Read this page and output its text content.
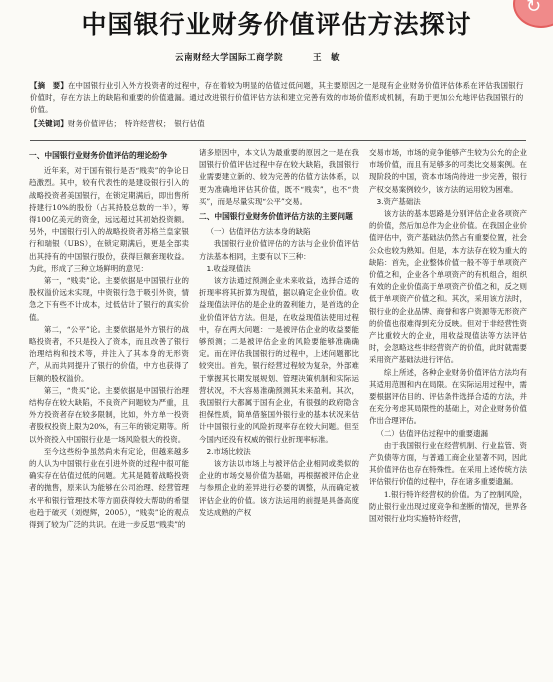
↻
中国银行业财务价值评估方法探讨
云南财经大学国际工商学院	王　敏
【摘　要】在中国银行业引入外方投资者的过程中，存在着较为明显的估值过低问题，其主要原因之一是现有企业财务价值评估体系在评估我国银行价值时，存在方法上的缺陷和重要的价值遗漏。通过改进银行价值评估方法和建立完善有效的市场价值形成机制，有助于更加公允地评估我国银行的价值。
【关键词】财务价值评估；　特许经营权；　银行估值
一、中国银行业财务价值评估的理论纷争

近年来，对于国有银行是否“贱卖”的争论日趋激烈。其中，较有代表性的是建设银行引入的战略投资者美国银行，在锁定期满后，即出售所持建行10%的股份（占其持股总数的一半），筹得100亿美元的资金，远远超过其初始投资额。另外，中国银行引入的战略投资者苏格兰皇家银行和瑞银（UBS），在锁定期满后，更是全部卖出其持有的中国银行股份，获得巨额套现收益。为此，形成了三种立场鲜明的意见：

第一，“贱卖”论。主要依据是中国银行业的股权溢价远未实现，中资银行急于吸引外资，情急之下有些不计成本，过低估计了银行的真实价值。

第二，“公平”论。主要依据是外方银行的战略投资者，不只是投入了资本，而且改善了银行治理结构和技术等，并注入了其本身的无形资产，从而共同提升了银行的价值，中方也获得了巨额的股权溢价。

第三，“贵买”论。主要依据是中国银行治理结构存在较大缺陷，不良资产问题较为严重，且外方投资者存在较多限制，比如，外方单一投资者股权投资上限为20%，有三年的锁定期等。所以外资投入中国银行业是一场风险很大的投资。

至今这些纷争虽然尚未有定论，但越来越多的人认为中国银行业在引进外资的过程中很可能确实存在估值过低的问题。尤其是随着战略投资者的抛售，原来认为能够在公司治理、经营管理水平和银行管理技术等方面获得较大帮助的希望也趋于破灭（刘煜辉，2005），“贱卖”论的观点得到了较为广泛的共识。在进一步反思“贱卖”的

诸多原因中，本文认为最重要的原因之一是在我国银行价值评估过程中存在较大缺陷，我国银行业需要建立新的、较为完善的估值方法体系，以更为准确地评估其价值，既不“贱卖”，也不“贵买”，而是尽量实现“公平”交易。

二、中国银行业财务价值评估方法的主要问题
（一）估值评估方法本身的缺陷

我国银行业价值评估的方法与企业价值评估方法基本相同，主要有以下三种：

1.收益现值法

该方法通过预测企业未来收益，选择合适的折现率将其折算为现值，据以确定企业价值。收益现值法评估的是企业的盈利能力，是首选的企业价值评估方法。但是，在收益现值法使用过程中，存在两大问题：一是被评估企业的收益要能够预测；二是被评估企业的风险要能够准确确定。而在评估我国银行的过程中，上述问题都比较突出。首先，银行经营过程较为复杂，外部难于掌握其长期发展规划、管理决策机制和实际运营状况，不大容易准确预测其未来盈利。其次，我国银行大都属于国有企业，有很强的政府隐含担保性质，简单借鉴国外银行业的基本状况来估计中国银行业的风险折现率存在较大问题。但至今国内还没有权威的银行业折现率标准。

2.市场比较法

该方法以市场上与被评估企业相同或类似的企业的市场交易价值为基础，再根据被评估企业与参照企业的差异进行必要的调整，从而确定被评估企业的价值。该方法运用的前提是具备高度发达成熟的产权

交易市场，市场的竞争能够产生较为公允的企业市场价值，而且有足够多的可类比交易案例。在现阶段的中国，资本市场尚待进一步完善，银行产权交易案例较少，该方法的运用较为困难。

3.资产基础法

该方法的基本思路是分别评估企业各项资产的价值，然后加总作为企业价值。在我国企业价值评估中，资产基础法仍然占有重要位置，社会公众也较为熟知。但是，本方法存在较为重大的缺陷：首先，企业整体价值一般不等于单项资产价值之和，企业各个单项资产的有机组合，组织有效的企业价值高于单项资产价值之和，反之则低于单项资产价值之和。其次，采用该方法时，银行业的企业品牌、商誉和客户资源等无形资产的价值也很难得到充分反映。但对于非经营性资产比重较大的企业，用收益现值法等方法评估时，会忽略这些非经营资产的价值，此时就需要采用资产基础法进行评估。

综上所述，各种企业财务价值评估方法均有其适用范围和内在局限。在实际运用过程中，需要根据评估目的、评估条件选择合适的方法，并在充分考虑其局限性的基础上，对企业财务价值作出合理评估。

（二）估值评估过程中的重要遗漏

由于我国银行业在经营机制、行业监管、资产负债等方面，与普通工商企业显著不同，因此其价值评估也存在特殊性。在采用上述传统方法评估银行价值的过程中，存在诸多重要遗漏。

1.银行特许经营权的价值。为了控制风险，防止银行业出现过度竞争和垄断的情况，世界各国对银行业均实施特许经营，
